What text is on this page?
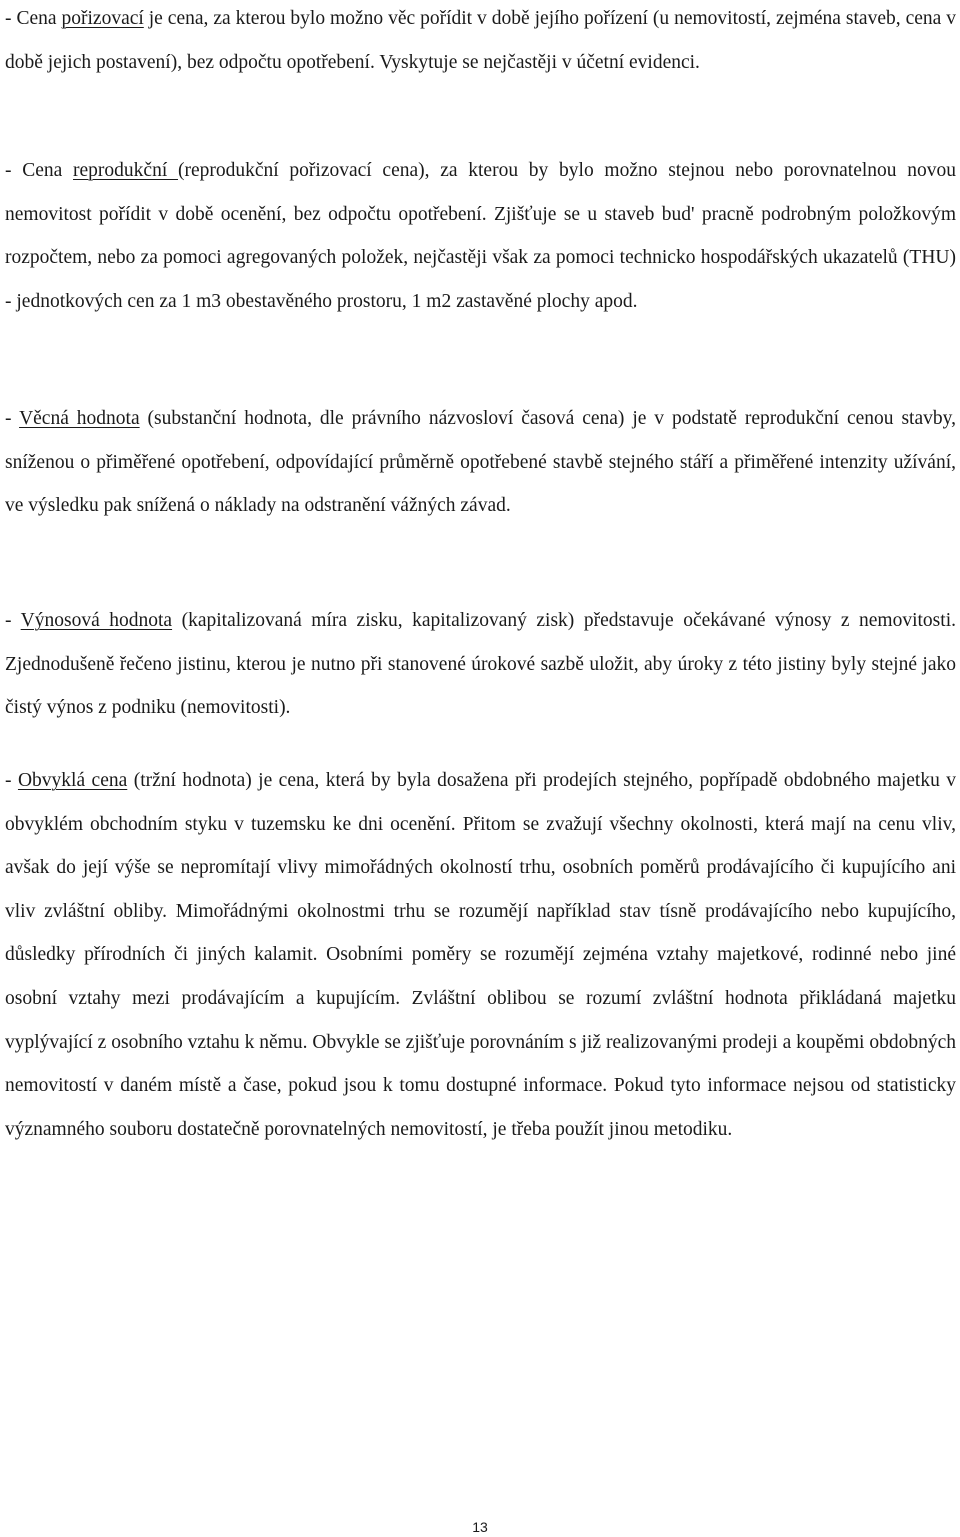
- Cena pořizovací je cena, za kterou bylo možno věc pořídit v době jejího pořízení (u nemovitostí, zejména staveb, cena v době jejich postavení), bez odpočtu opotřebení. Vyskytuje se nejčastěji v účetní evidenci.

- Cena reprodukční (reprodukční pořizovací cena), za kterou by bylo možno stejnou nebo porovnatelnou novou nemovitost pořídit v době ocenění, bez odpočtu opotřebení. Zjišťuje se u staveb bud' pracně podrobným položkovým rozpočtem, nebo za pomoci agregovaných položek, nejčastěji však za pomoci technicko hospodářských ukazatelů (THU) - jednotkových cen za 1 m3 obestavěného prostoru, 1 m2 zastavěné plochy apod.

- Věcná hodnota (substanční hodnota, dle právního názvosloví časová cena) je v podstatě reprodukční cenou stavby, sníženou o přiměřené opotřebení, odpovídající průměrně opotřebené stavbě stejného stáří a přiměřené intenzity užívání, ve výsledku pak snížená o náklady na odstranění vážných závad.

- Výnosová hodnota (kapitalizovaná míra zisku, kapitalizovaný zisk) představuje očekávané výnosy z nemovitosti. Zjednodušeně řečeno jistinu, kterou je nutno při stanovené úrokové sazbě uložit, aby úroky z této jistiny byly stejné jako čistý výnos z podniku (nemovitosti).

- Obvyklá cena (tržní hodnota) je cena, která by byla dosažena při prodejích stejného, popřípadě obdobného majetku v obvyklém obchodním styku v tuzemsku ke dni ocenění. Přitom se zvažují všechny okolnosti, která mají na cenu vliv, avšak do její výše se nepromítají vlivy mimořádných okolností trhu, osobních poměrů prodávajícího či kupujícího ani vliv zvláštní obliby. Mimořádnými okolnostmi trhu se rozumějí například stav tísně prodávajícího nebo kupujícího, důsledky přírodních či jiných kalamit. Osobními poměry se rozumějí zejména vztahy majetkové, rodinné nebo jiné osobní vztahy mezi prodávajícím a kupujícím. Zvláštní oblibou se rozumí zvláštní hodnota přikládaná majetku vyplývající z osobního vztahu k němu. Obvykle se zjišťuje porovnáním s již realizovanými prodeji a koupěmi obdobných nemovitostí v daném místě a čase, pokud jsou k tomu dostupné informace. Pokud tyto informace nejsou od statisticky významného souboru dostatečně porovnatelných nemovitostí, je třeba použít jinou metodiku.

13
